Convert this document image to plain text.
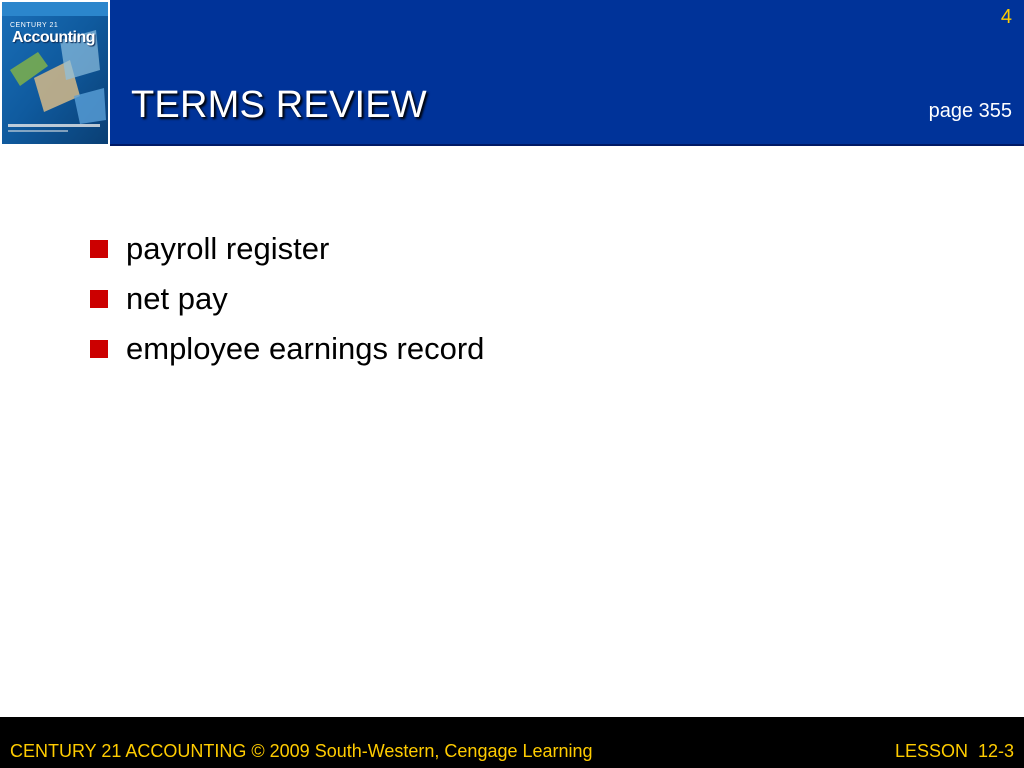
CENTURY 21
Accounting
4
TERMS REVIEW	page 355
payroll register
net pay
employee earnings record
CENTURY 21 ACCOUNTING © 2009 South-Western, Cengage Learning	LESSON  12-3
